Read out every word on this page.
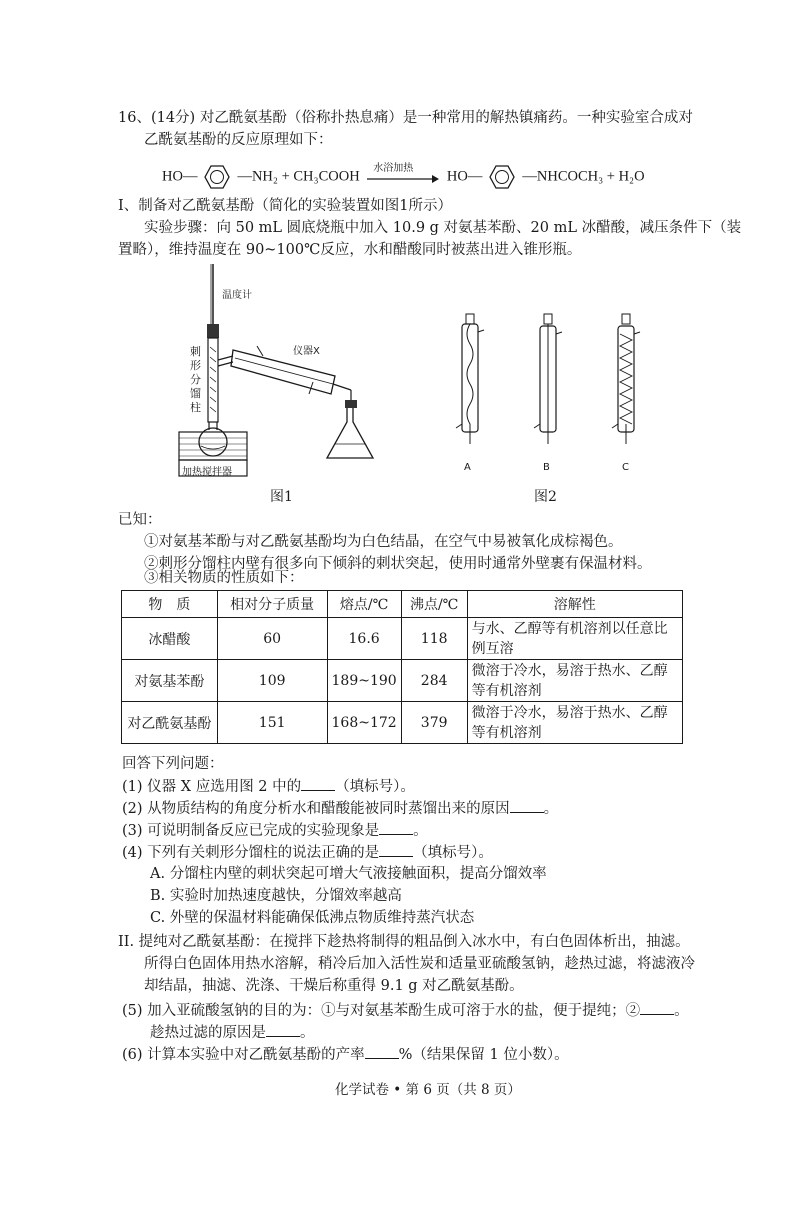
16、(14分) 对乙酰氨基酚（俗称扑热息痛）是一种常用的解热镇痛药。一种实验室合成对
乙酰氨基酚的反应原理如下：
HO—	—NH₂ + CH₃COOH 水浴加热 HO—	—NHCOCH₃ + H₂O
I、制备对乙酰氨基酚（简化的实验装置如图1所示）
实验步骤：向 50 mL 圆底烧瓶中加入 10.9 g 对氨基苯酚、20 mL 冰醋酸，减压条件下（装
置略），维持温度在 90~100℃反应，水和醋酸同时被蒸出进入锥形瓶。
温度计
仪器X
加热搅拌器
刺
形
分
馏
柱
图1
A	B	C
图2
已知：
①对氨基苯酚与对乙酰氨基酚均为白色结晶，在空气中易被氧化成棕褐色。
②刺形分馏柱内壁有很多向下倾斜的刺状突起，使用时通常外壁裹有保温材料。
③相关物质的性质如下：
物　质	相对分子质量	熔点/℃	沸点/℃	溶解性
冰醋酸	60	16.6	118	与水、乙醇等有机溶剂以任意比例互溶
对氨基苯酚	109	189~190	284	微溶于冷水，易溶于热水、乙醇等有机溶剂
对乙酰氨基酚	151	168~172	379	微溶于冷水，易溶于热水、乙醇等有机溶剂
回答下列问题：
(1) 仪器 X 应选用图 2 中的 （填标号）。
(2) 从物质结构的角度分析水和醋酸能被同时蒸馏出来的原因 。
(3) 可说明制备反应已完成的实验现象是 。
(4) 下列有关刺形分馏柱的说法正确的是 （填标号）。
A. 分馏柱内壁的刺状突起可增大气液接触面积，提高分馏效率
B. 实验时加热速度越快，分馏效率越高
C. 外壁的保温材料能确保低沸点物质维持蒸汽状态
II. 提纯对乙酰氨基酚：在搅拌下趁热将制得的粗品倒入冰水中，有白色固体析出，抽滤。
所得白色固体用热水溶解，稍冷后加入活性炭和适量亚硫酸氢钠，趁热过滤，将滤液冷
却结晶，抽滤、洗涤、干燥后称重得 9.1 g 对乙酰氨基酚。
(5) 加入亚硫酸氢钠的目的为：①与对氨基苯酚生成可溶于水的盐，便于提纯；② 。
趁热过滤的原因是 。
(6) 计算本实验中对乙酰氨基酚的产率 %（结果保留 1 位小数）。
化学试卷 • 第 6 页（共 8 页）
